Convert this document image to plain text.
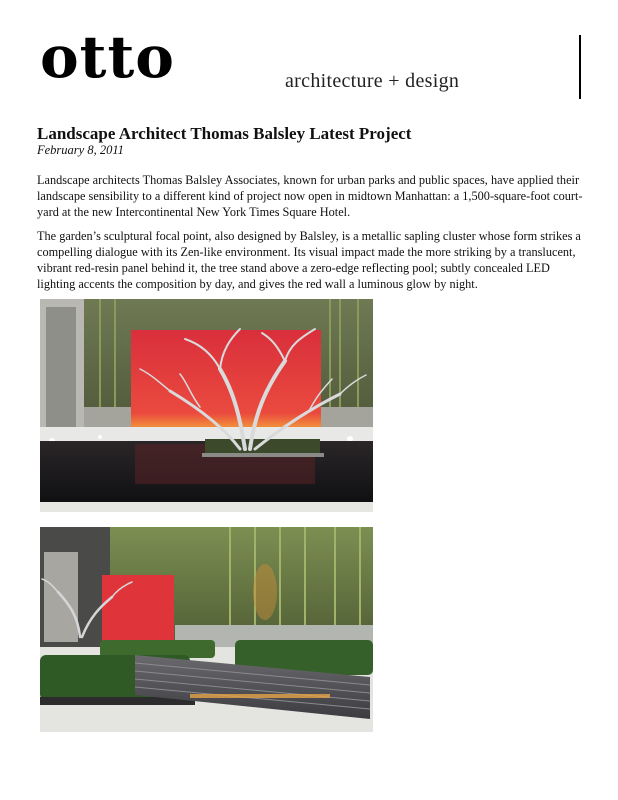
otto	architecture + design
Landscape Architect Thomas Balsley Latest Project
February 8, 2011

Landscape architects Thomas Balsley Associates, known for urban parks and public spaces, have applied their landscape sensibility to a different kind of project now open in midtown Manhattan: a 1,500-square-foot court-yard at the new Intercontinental New York Times Square Hotel.

The garden’s sculptural focal point, also designed by Balsley, is a metallic sapling cluster whose form strikes a compelling dialogue with its Zen-like environment. Its visual impact made the more striking by a translucent, vibrant red-resin panel behind it, the tree stand above a zero-edge reflecting pool; subtly concealed LED lighting accents the composition by day, and gives the red wall a luminous glow by night.
